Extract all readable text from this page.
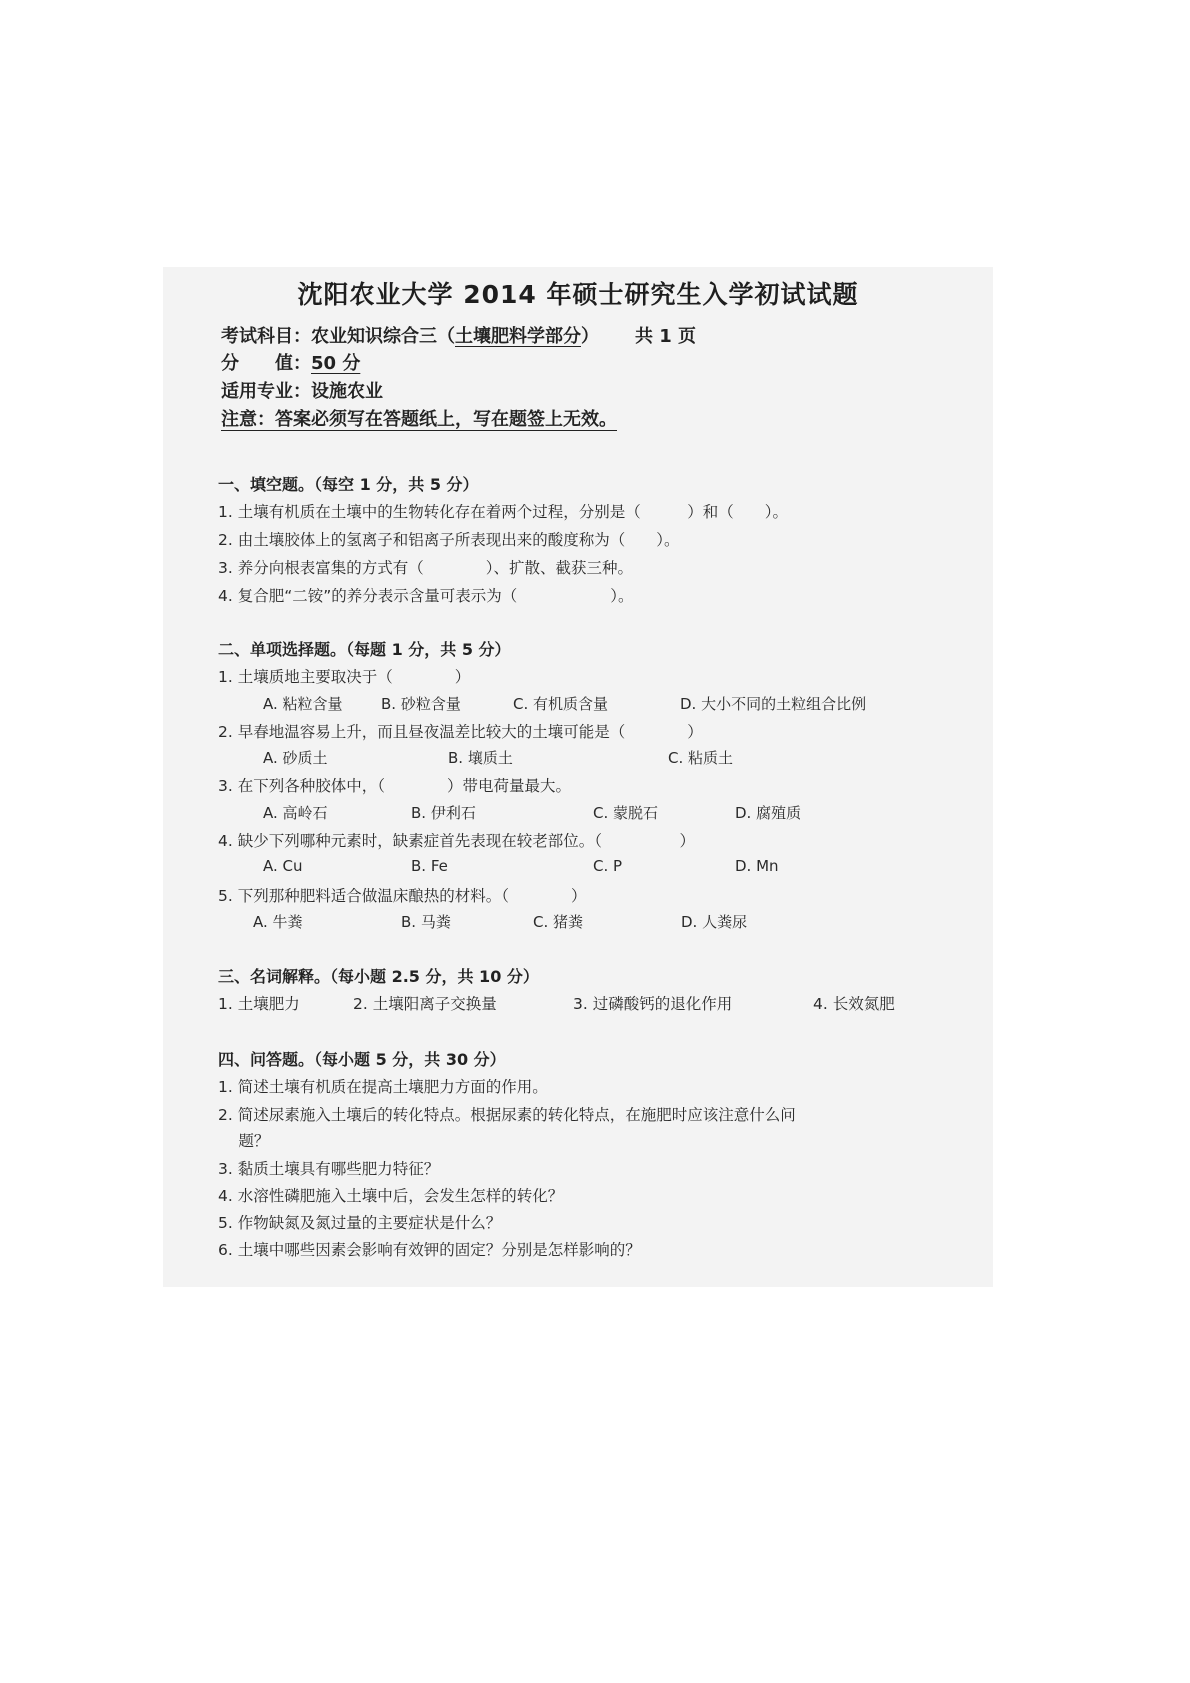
沈阳农业大学 2014 年硕士研究生入学初试试题
考试科目：农业知识综合三（土壤肥料学部分） 共 1 页
分　　值：50 分
适用专业：设施农业
注意：答案必须写在答题纸上，写在题签上无效。
一、填空题。（每空 1 分，共 5 分）
1. 土壤有机质在土壤中的生物转化存在着两个过程，分别是（　　　）和（　　）。
2. 由土壤胶体上的氢离子和铝离子所表现出来的酸度称为（　　）。
3. 养分向根表富集的方式有（　　　　）、扩散、截获三种。
4. 复合肥“二铵”的养分表示含量可表示为（　　　　　　）。
二、单项选择题。（每题 1 分，共 5 分）
1. 土壤质地主要取决于（　　　　）
A. 粘粒含量	B. 砂粒含量	C. 有机质含量	D. 大小不同的土粒组合比例
2. 早春地温容易上升，而且昼夜温差比较大的土壤可能是（　　　　）
A. 砂质土	B. 壤质土	C. 粘质土
3. 在下列各种胶体中，（　　　　）带电荷量最大。
A. 高岭石	B. 伊利石	C. 蒙脱石	D. 腐殖质
4. 缺少下列哪种元素时，缺素症首先表现在较老部位。（　　　　　）
A. Cu	B. Fe	C. P	D. Mn
5. 下列那种肥料适合做温床酿热的材料。（　　　　）
A. 牛粪	B. 马粪	C. 猪粪	D. 人粪尿
三、名词解释。（每小题 2.5 分，共 10 分）
1. 土壤肥力	2. 土壤阳离子交换量	3. 过磷酸钙的退化作用	4. 长效氮肥
四、问答题。（每小题 5 分，共 30 分）
1. 简述土壤有机质在提高土壤肥力方面的作用。
2. 简述尿素施入土壤后的转化特点。根据尿素的转化特点，在施肥时应该注意什么问
　 题？
3. 黏质土壤具有哪些肥力特征？
4. 水溶性磷肥施入土壤中后，会发生怎样的转化？
5. 作物缺氮及氮过量的主要症状是什么？
6. 土壤中哪些因素会影响有效钾的固定？分别是怎样影响的？
